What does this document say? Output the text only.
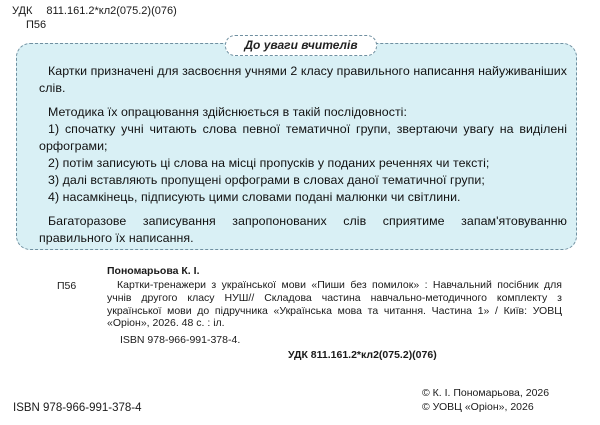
УДК 811.161.2*кл2(075.2)(076)
П56
До уваги вчителів

Картки призначені для засвоєння учнями 2 класу правильного написання найуживаніших слів.

Методика їх опрацювання здійснюється в такій послідовності:

1) спочатку учні читають слова певної тематичної групи, звертаючи увагу на виділені орфограми;

2) потім записують ці слова на місці пропусків у поданих реченнях чи тексті;

3) далі вставляють пропущені орфограми в словах даної тематичної групи;

4) насамкінець, підписують цими словами подані малюнки чи світлини.

Багаторазове записування запропонованих слів сприятиме запам'ятовуванню правильного їх написання.

Пономарьова К. І.
П56	Картки-тренажери з української мови «Пиши без помилок» : Навчальний посібник для учнів другого класу НУШ// Складова частина навчально-методичного комплекту з української мови до підручника «Українська мова та читання. Частина 1» / Київ: УОВЦ «Оріон», 2026. 48 с. : іл.
ISBN 978-966-991-378-4.
УДК 811.161.2*кл2(075.2)(076)
ISBN 978-966-991-378-4
© К. І. Пономарьова, 2026
© УОВЦ «Оріон», 2026
